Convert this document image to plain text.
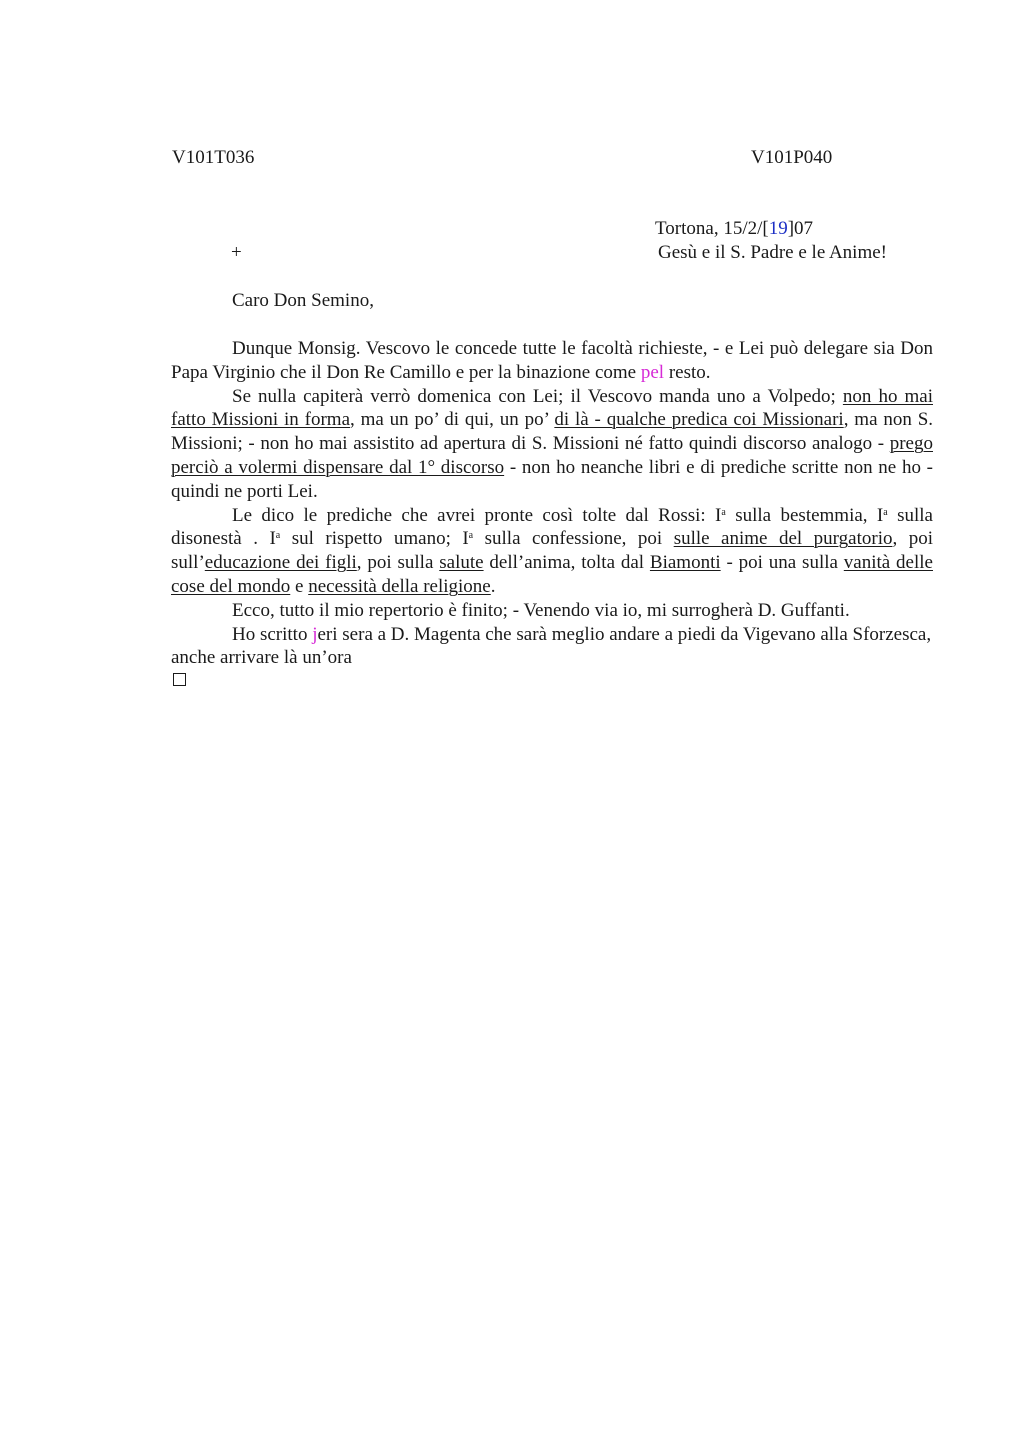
V101T036	V101P040
Tortona, 15/2/[19]07
+	Gesù e il S. Padre e le Anime!
Caro Don Semino,

Dunque Monsig. Vescovo le concede tutte le facoltà richieste, - e Lei può delegare sia Don Papa Virginio che il Don Re Camillo e per la binazione come pel resto.

Se nulla capiterà verrò domenica con Lei; il Vescovo manda uno a Volpedo; non ho mai fatto Missioni in forma, ma un po’ di qui, un po’ di là - qualche predica coi Missionari, ma non S. Missioni; - non ho mai assistito ad apertura di S. Missioni né fatto quindi discorso analogo - prego perciò a volermi dispensare dal 1° discorso - non ho neanche libri e di prediche scritte non ne ho - quindi ne porti Lei.

Le dico le prediche che avrei pronte così tolte dal Rossi: $I^a$ sulla bestemmia, $I^a$ sulla disonestà . $I^a$ sul rispetto umano; $I^a$ sulla confessione, poi sulle anime del purgatorio, poi sull’educazione dei figli, poi sulla salute dell’anima, tolta dal Biamonti - poi una sulla vanità delle cose del mondo e necessità della religione.

Ecco, tutto il mio repertorio è finito; - Venendo via io, mi surrogherà D. Guffanti.

Ho scritto jeri sera a D. Magenta che sarà meglio andare a piedi da Vigevano alla Sforzesca, anche arrivare là un’ora
